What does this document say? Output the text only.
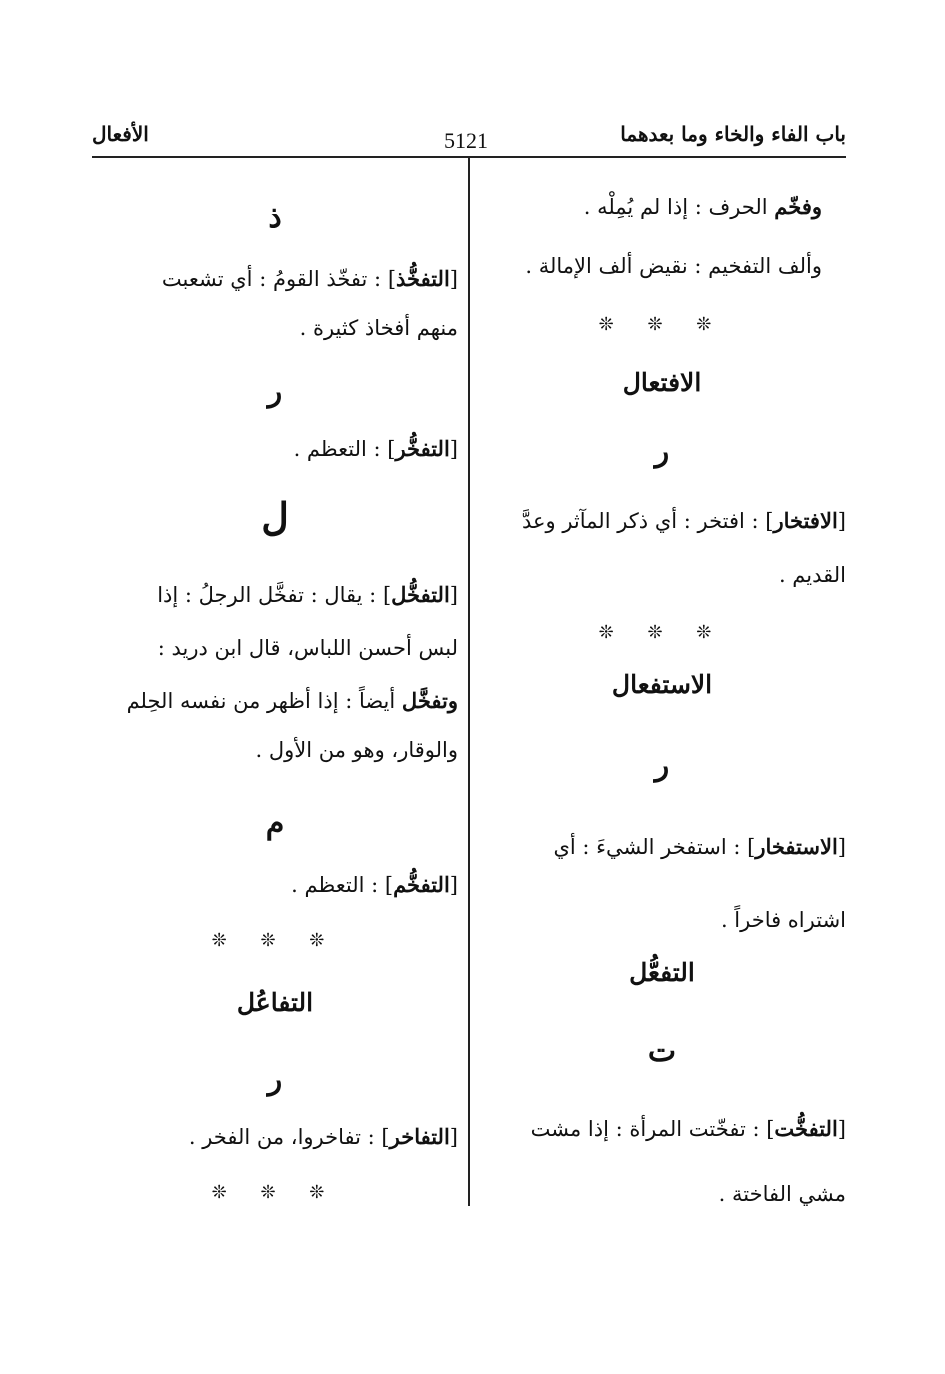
باب الفاء والخاء وما بعدهما
5121
الأفعال
وفخّم الحرف : إذا لم يُمِلْه .
وألف التفخيم : نقيض ألف الإمالة .
❊ ❊ ❊
الافتعال
ر
[الافتخار] : افتخر : أي ذكر المآثر وعدَّ
القديم .
❊ ❊ ❊
الاستفعال
ر
[الاستفخار] : استفخر الشيءَ : أي
اشتراه فاخراً .
التفعُّل
ت
[التفخُّت] : تفخّتت المرأة : إذا مشت
مشي الفاختة .
ذ
[التفخُّذ] : تفخّذ القومُ : أي تشعبت
منهم أفخاذ كثيرة .
ر
[التفخُّر] : التعظم .
ل
[التفخُّل] : يقال : تفخَّل الرجلُ : إذا
لبس أحسن اللباس، قال ابن دريد :
وتفخَّل أيضاً : إذا أظهر من نفسه الحِلم
والوقار، وهو من الأول .
م
[التفخُّم] : التعظم .
❊ ❊ ❊
التفاعُل
ر
[التفاخر] : تفاخروا، من الفخر .
❊ ❊ ❊
